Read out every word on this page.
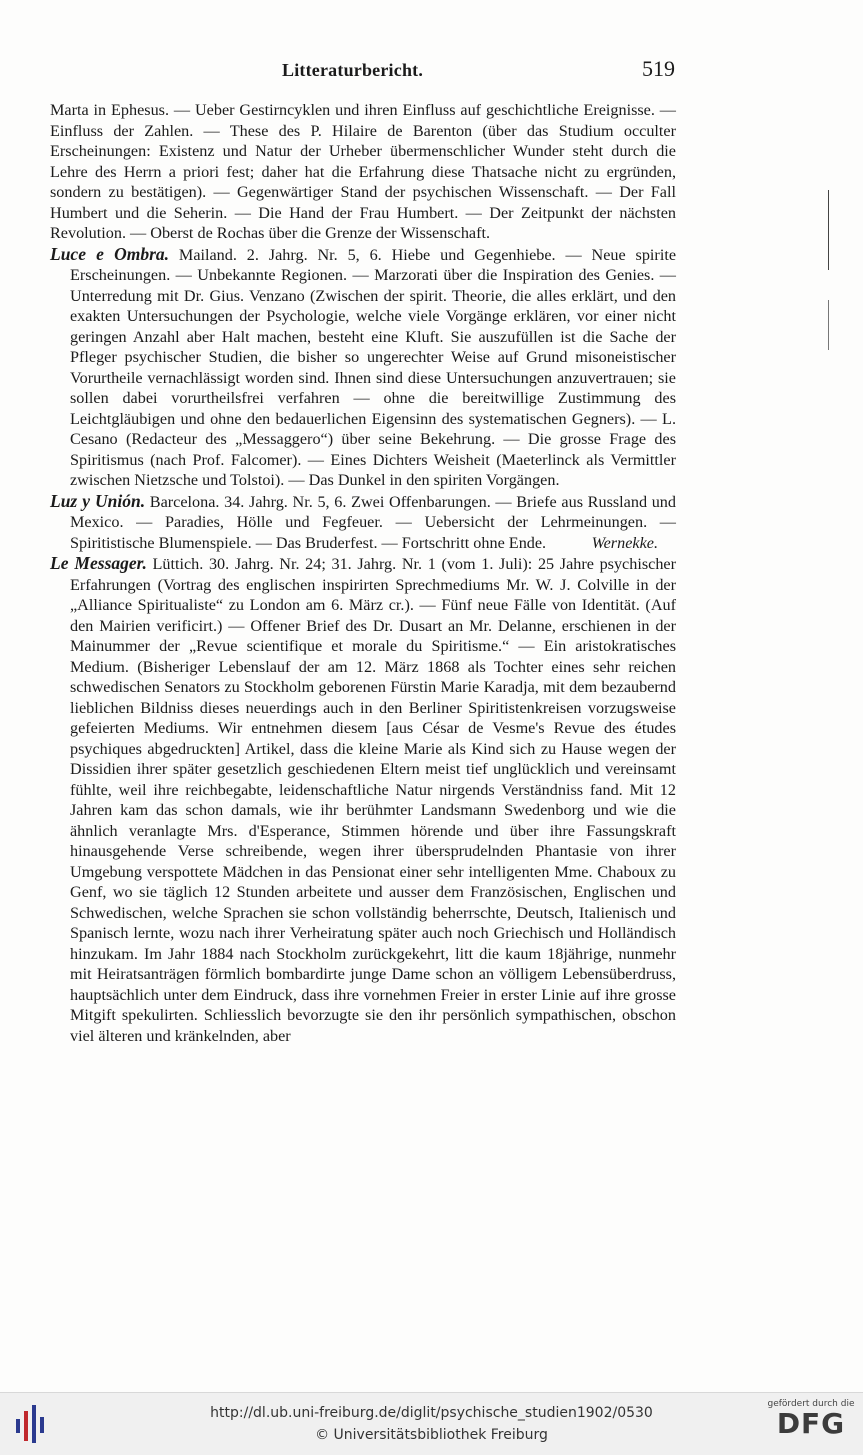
Litteraturbericht.	519

Marta in Ephesus. — Ueber Gestirncyklen und ihren Einfluss auf geschichtliche Ereignisse. — Einfluss der Zahlen. — These des P. Hilaire de Barenton (über das Studium occulter Erscheinungen: Existenz und Natur der Urheber übermenschlicher Wunder steht durch die Lehre des Herrn a priori fest; daher hat die Erfahrung diese Thatsache nicht zu ergründen, sondern zu bestätigen). — Gegenwärtiger Stand der psychischen Wissenschaft. — Der Fall Humbert und die Seherin. — Die Hand der Frau Humbert. — Der Zeitpunkt der nächsten Revolution. — Oberst de Rochas über die Grenze der Wissenschaft.

Luce e Ombra. Mailand. 2. Jahrg. Nr. 5, 6. Hiebe und Gegenhiebe. — Neue spirite Erscheinungen. — Unbekannte Regionen. — Marzorati über die Inspiration des Genies. — Unterredung mit Dr. Gius. Venzano (Zwischen der spirit. Theorie, die alles erklärt, und den exakten Untersuchungen der Psychologie, welche viele Vorgänge erklären, vor einer nicht geringen Anzahl aber Halt machen, besteht eine Kluft. Sie auszufüllen ist die Sache der Pfleger psychischer Studien, die bisher so ungerechter Weise auf Grund misoneistischer Vorurtheile vernachlässigt worden sind. Ihnen sind diese Untersuchungen anzuvertrauen; sie sollen dabei vorurtheilsfrei verfahren — ohne die bereitwillige Zustimmung des Leichtgläubigen und ohne den bedauerlichen Eigensinn des systematischen Gegners). — L. Cesano (Redacteur des „Messaggero“) über seine Bekehrung. — Die grosse Frage des Spiritismus (nach Prof. Falcomer). — Eines Dichters Weisheit (Maeterlinck als Vermittler zwischen Nietzsche und Tolstoi). — Das Dunkel in den spiriten Vorgängen.

Luz y Unión. Barcelona. 34. Jahrg. Nr. 5, 6. Zwei Offenbarungen. — Briefe aus Russland und Mexico. — Paradies, Hölle und Fegfeuer. — Uebersicht der Lehrmeinungen. — Spiritistische Blumenspiele. — Das Bruderfest. — Fortschritt ohne Ende.	Wernekke.

Le Messager. Lüttich. 30. Jahrg. Nr. 24; 31. Jahrg. Nr. 1 (vom 1. Juli): 25 Jahre psychischer Erfahrungen (Vortrag des englischen inspirirten Sprechmediums Mr. W. J. Colville in der „Alliance Spiritualiste“ zu London am 6. März cr.). — Fünf neue Fälle von Identität. (Auf den Mairien verificirt.) — Offener Brief des Dr. Dusart an Mr. Delanne, erschienen in der Mainummer der „Revue scientifique et morale du Spiritisme.“ — Ein aristokratisches Medium. (Bisheriger Lebenslauf der am 12. März 1868 als Tochter eines sehr reichen schwedischen Senators zu Stockholm geborenen Fürstin Marie Karadja, mit dem bezaubernd lieblichen Bildniss dieses neuerdings auch in den Berliner Spiritistenkreisen vorzugsweise gefeierten Mediums. Wir entnehmen diesem [aus César de Vesme's Revue des études psychiques abgedruckten] Artikel, dass die kleine Marie als Kind sich zu Hause wegen der Dissidien ihrer später gesetzlich geschiedenen Eltern meist tief unglücklich und vereinsamt fühlte, weil ihre reichbegabte, leidenschaftliche Natur nirgends Verständniss fand. Mit 12 Jahren kam das schon damals, wie ihr berühmter Landsmann Swedenborg und wie die ähnlich veranlagte Mrs. d'Esperance, Stimmen hörende und über ihre Fassungskraft hinausgehende Verse schreibende, wegen ihrer übersprudelnden Phantasie von ihrer Umgebung verspottete Mädchen in das Pensionat einer sehr intelligenten Mme. Chaboux zu Genf, wo sie täglich 12 Stunden arbeitete und ausser dem Französischen, Englischen und Schwedischen, welche Sprachen sie schon vollständig beherrschte, Deutsch, Italienisch und Spanisch lernte, wozu nach ihrer Verheiratung später auch noch Griechisch und Holländisch hinzukam. Im Jahr 1884 nach Stockholm zurückgekehrt, litt die kaum 18jährige, nunmehr mit Heiratsanträgen förmlich bombardirte junge Dame schon an völligem Lebensüberdruss, hauptsächlich unter dem Eindruck, dass ihre vornehmen Freier in erster Linie auf ihre grosse Mitgift spekulirten. Schliesslich bevorzugte sie den ihr persönlich sympathischen, obschon viel älteren und kränkelnden, aber

http://dl.ub.uni-freiburg.de/diglit/psychische_studien1902/0530
© Universitätsbibliothek Freiburg
gefördert durch die
DFG
